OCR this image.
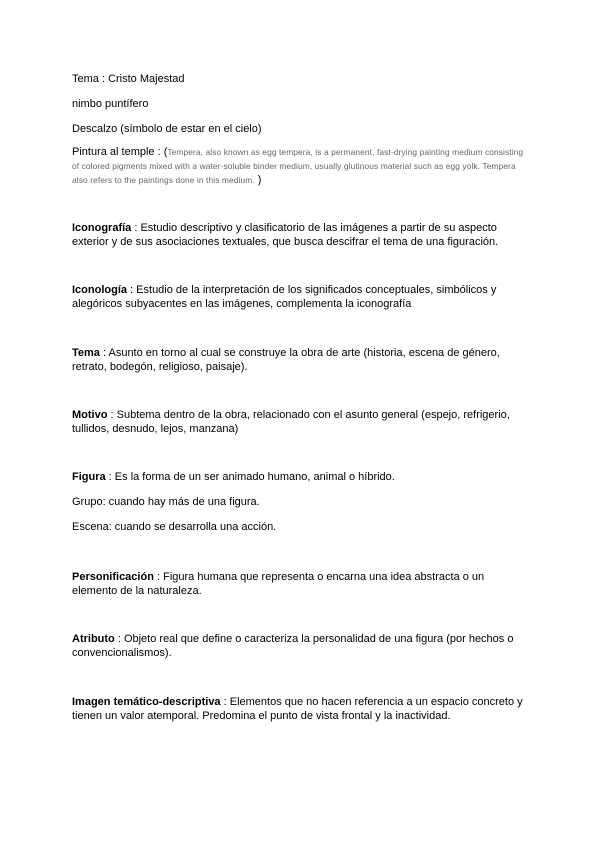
Tema : Cristo Majestad

nimbo puntífero

Descalzo (símbolo de estar en el cielo)

Pintura al temple : (Tempera, also known as egg tempera, is a permanent, fast-drying painting medium consisting of colored pigments mixed with a water-soluble binder medium, usually glutinous material such as egg yolk. Tempera also refers to the paintings done in this medium. )

Iconografía : Estudio descriptivo y clasificatorio de las imágenes a partir de su aspecto exterior y de sus asociaciones textuales, que busca descifrar el tema de una figuración.

Iconología : Estudio de la interpretación de los significados conceptuales, simbólicos y alegóricos subyacentes en las imágenes, complementa la iconografía

Tema : Asunto en torno al cual se construye la obra de arte (historia, escena de género, retrato, bodegón, religioso, paisaje).

Motivo : Subtema dentro de la obra, relacionado con el asunto general (espejo, refrigerio, tullidos, desnudo, lejos, manzana)

Figura : Es la forma de un ser animado humano, animal o híbrido.

Grupo: cuando hay más de una figura.

Escena: cuando se desarrolla una acción.

Personificación : Figura humana que representa o encarna una idea abstracta o un elemento de la naturaleza.

Atributo : Objeto real que define o caracteriza la personalidad de una figura (por hechos o convencionalismos).

Imagen temático-descriptiva : Elementos que no hacen referencia a un espacio concreto y tienen un valor atemporal. Predomina el punto de vista frontal y la inactividad.
